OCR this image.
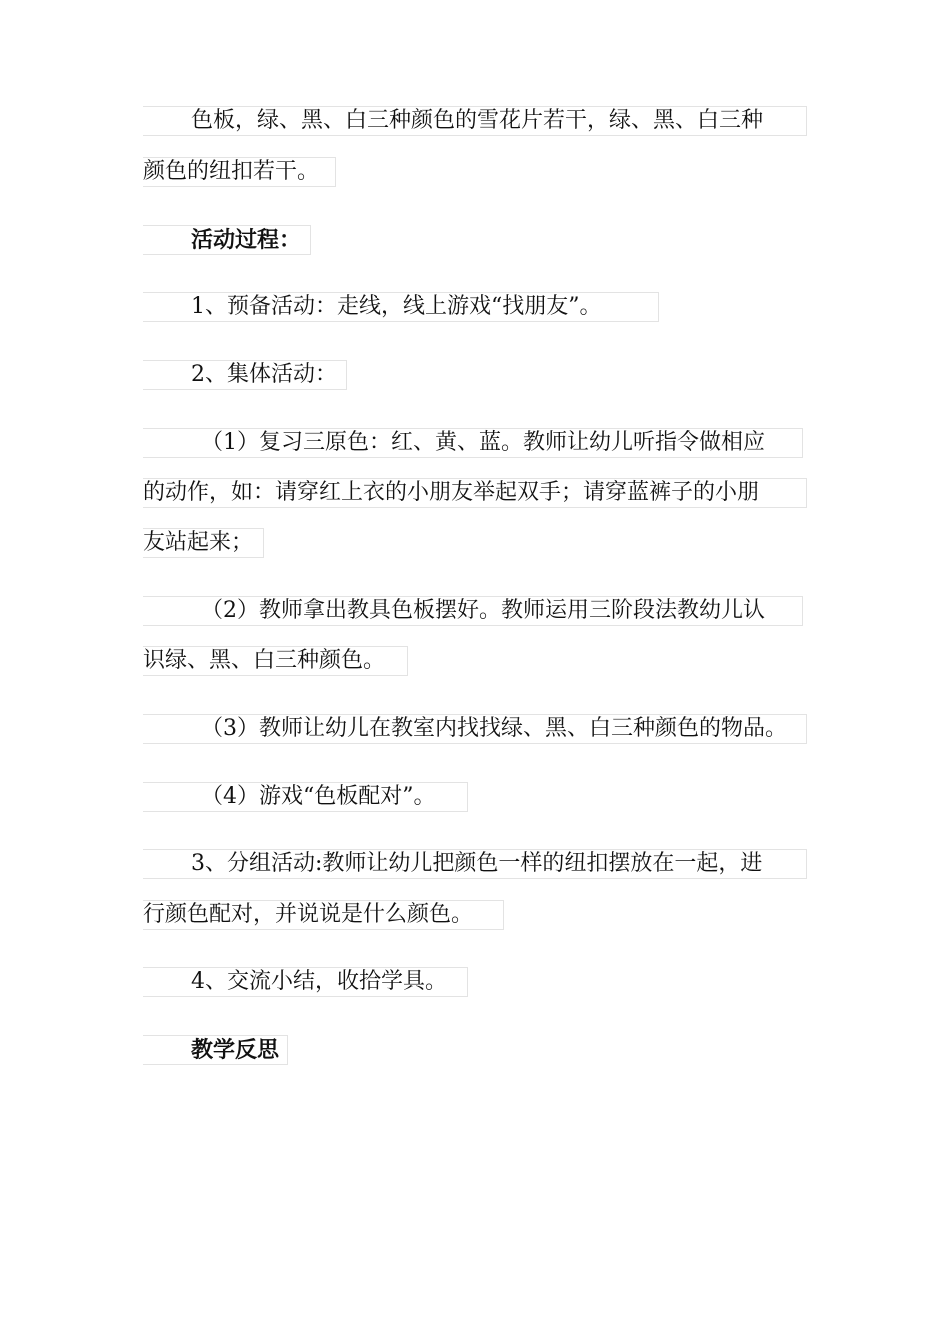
色板，绿、黑、白三种颜色的雪花片若干，绿、黑、白三种
颜色的纽扣若干。
活动过程：
1、预备活动：走线，线上游戏“找朋友”。
2、集体活动：
（1）复习三原色：红、黄、蓝。教师让幼儿听指令做相应
的动作，如：请穿红上衣的小朋友举起双手；请穿蓝裤子的小朋
友站起来；
（2）教师拿出教具色板摆好。教师运用三阶段法教幼儿认
识绿、黑、白三种颜色。
（3）教师让幼儿在教室内找找绿、黑、白三种颜色的物品。
（4）游戏“色板配对”。
3、分组活动:教师让幼儿把颜色一样的纽扣摆放在一起，进
行颜色配对，并说说是什么颜色。
4、交流小结，收拾学具。
教学反思
